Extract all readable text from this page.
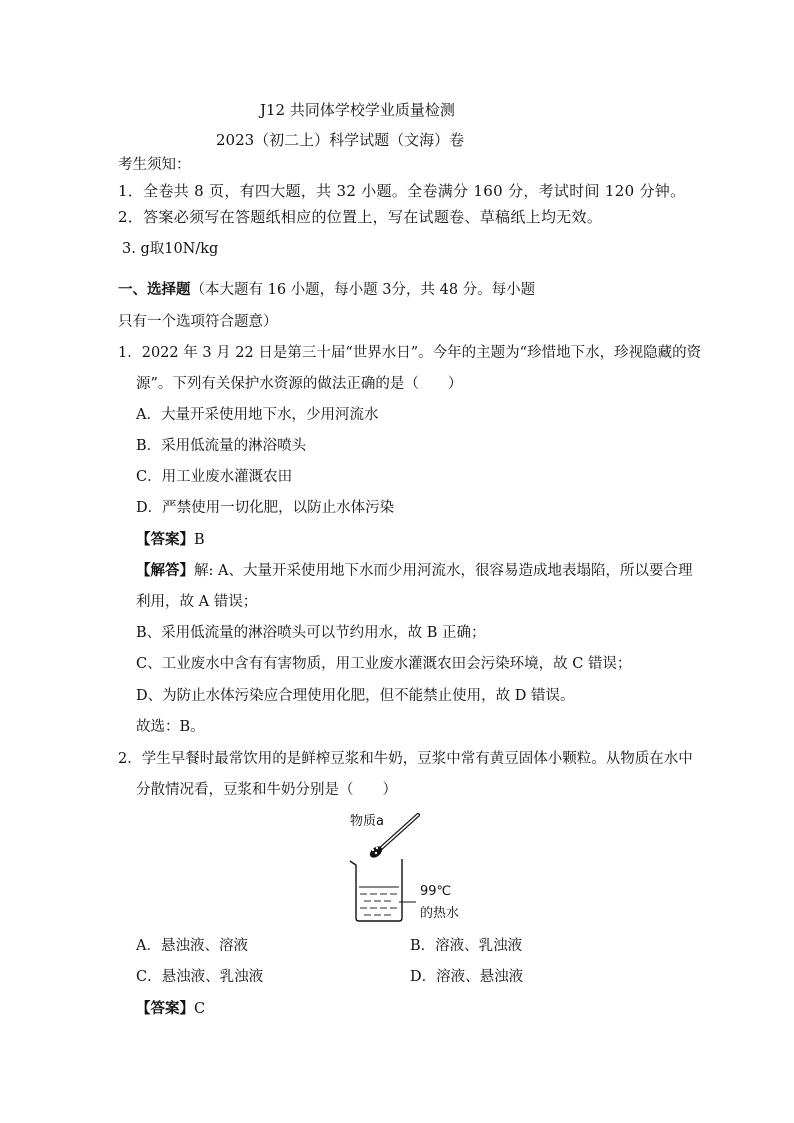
J12 共同体学校学业质量检测
2023（初二上）科学试题（文海）卷
考生须知：
1．全卷共 8 页，有四大题，共 32 小题。全卷满分 160 分，考试时间 120 分钟。
2．答案必须写在答题纸相应的位置上，写在试题卷、草稿纸上均无效。
3. g取10N/kg
一、选择题（本大题有 16 小题，每小题 3分，共 48 分。每小题
只有一个选项符合题意）
1．2022 年 3 月 22 日是第三十届“世界水日”。今年的主题为“珍惜地下水，珍视隐藏的资
源”。下列有关保护水资源的做法正确的是（　　）
A．大量开采使用地下水，少用河流水
B．采用低流量的淋浴喷头
C．用工业废水灌溉农田
D．严禁使用一切化肥，以防止水体污染
【答案】B
【解答】解: A、大量开采使用地下水而少用河流水，很容易造成地表塌陷，所以要合理
利用，故 A 错误；
B、采用低流量的淋浴喷头可以节约用水，故 B 正确；
C、工业废水中含有有害物质，用工业废水灌溉农田会污染环境，故 C 错误；
D、为防止水体污染应合理使用化肥，但不能禁止使用，故 D 错误。
故选：B。
2．学生早餐时最常饮用的是鲜榨豆浆和牛奶，豆浆中常有黄豆固体小颗粒。从物质在水中
分散情况看，豆浆和牛奶分别是（　　）
物质a
99℃
的热水
A．悬浊液、溶液	B．溶液、乳浊液
C．悬浊液、乳浊液	D．溶液、悬浊液
【答案】C
